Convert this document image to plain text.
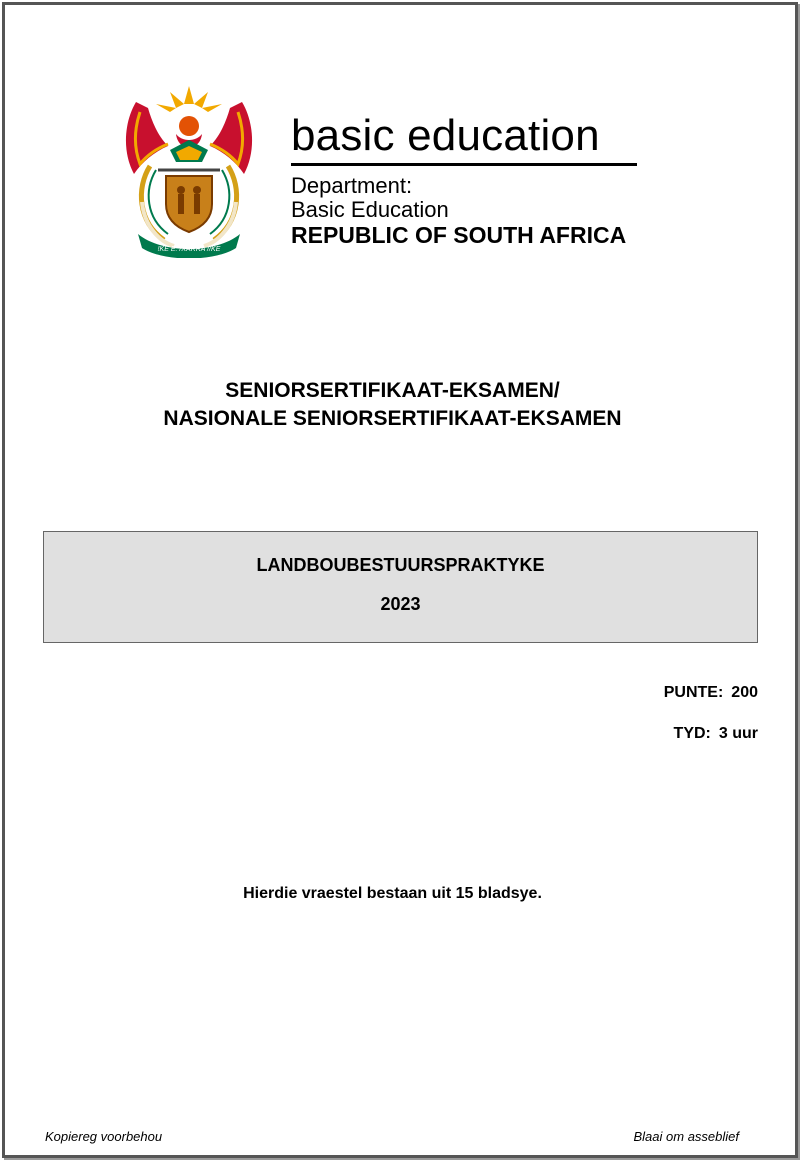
!KE E: /XARRA //KE
basic education
Department:
Basic Education
REPUBLIC OF SOUTH AFRICA
SENIORSERTIFIKAAT-EKSAMEN/
NASIONALE SENIORSERTIFIKAAT-EKSAMEN
LANDBOUBESTUURSPRAKTYKE
2023
PUNTE: 200
TYD: 3 uur
Hierdie vraestel bestaan uit 15 bladsye.
Kopiereg voorbehou	Blaai om asseblief
